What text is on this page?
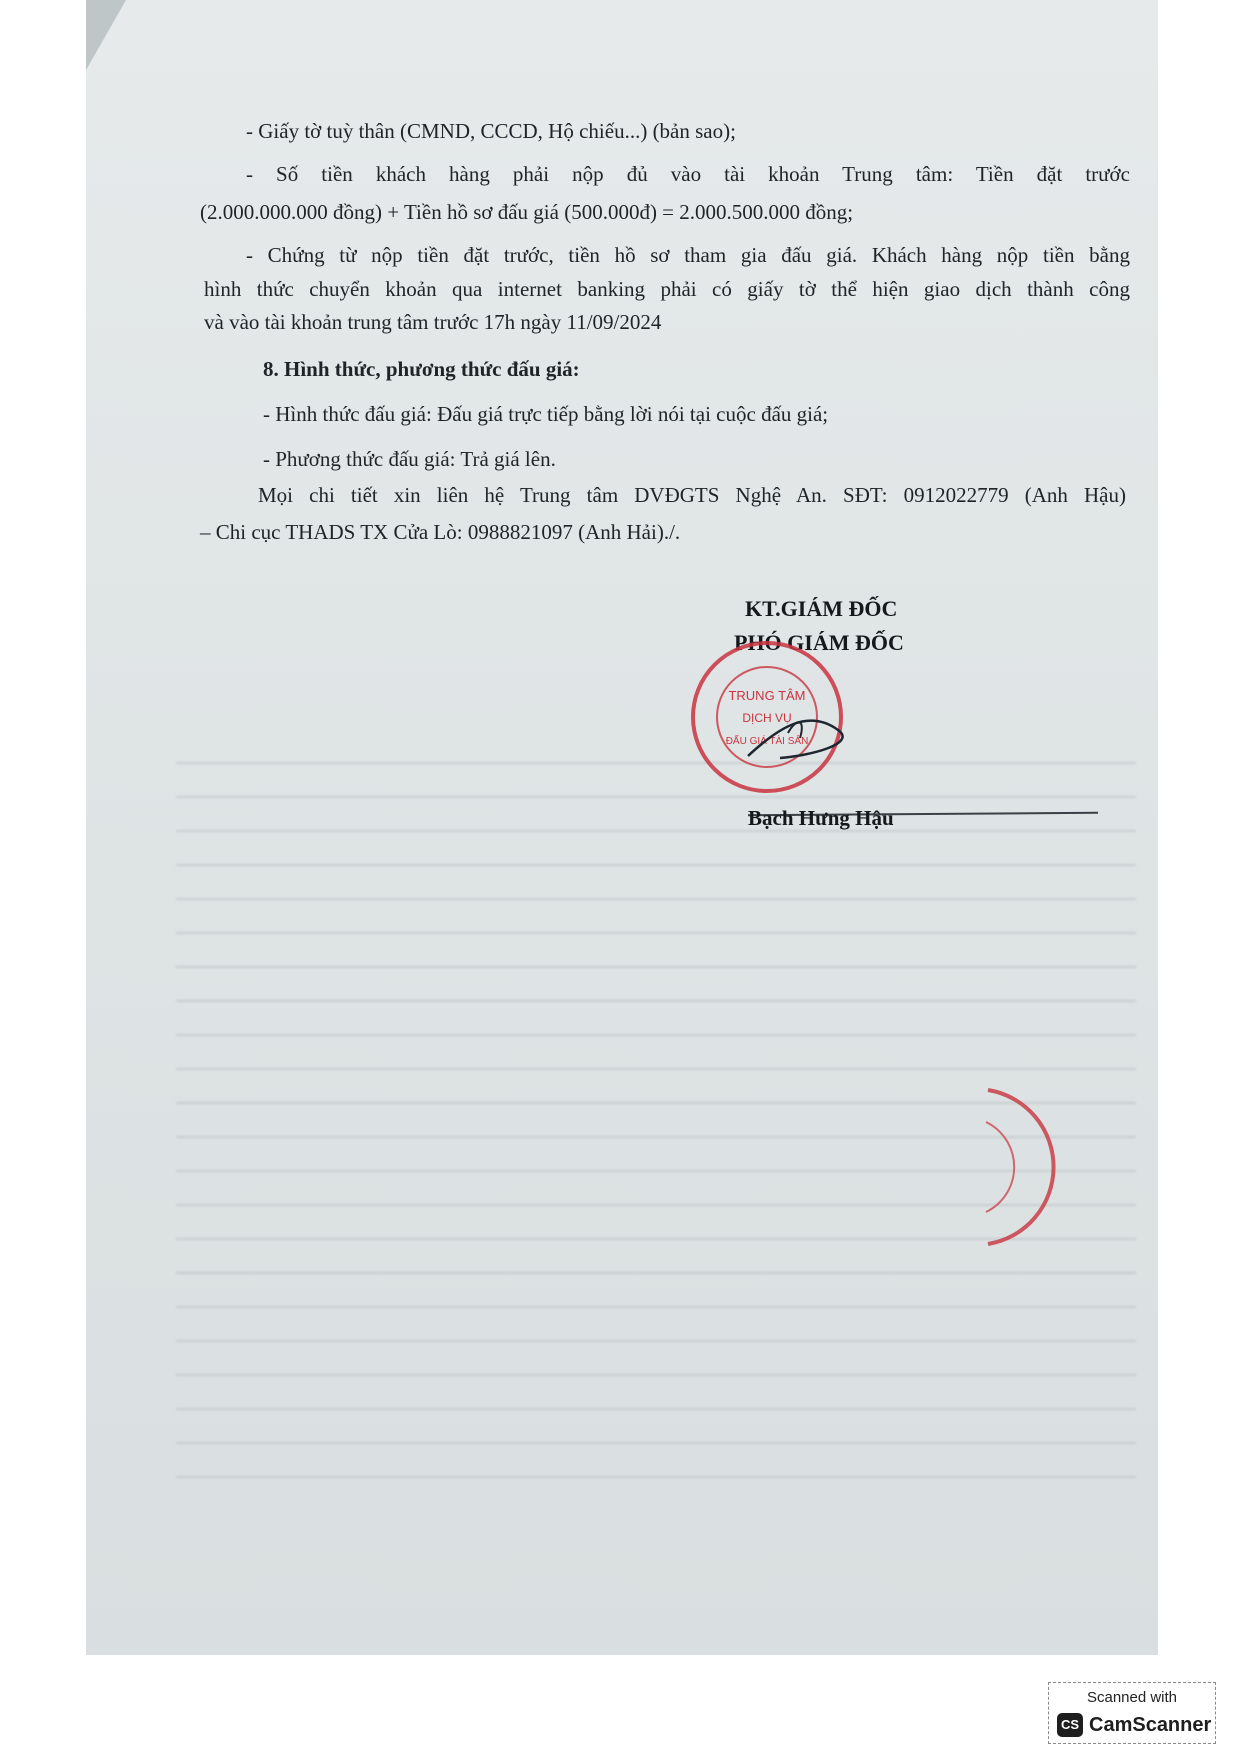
- Giấy tờ tuỳ thân (CMND, CCCD, Hộ chiếu...) (bản sao);
- Số tiền khách hàng phải nộp đủ vào tài khoản Trung tâm: Tiền đặt trước
(2.000.000.000 đồng) + Tiền hồ sơ đấu giá (500.000đ) = 2.000.500.000 đồng;
- Chứng từ nộp tiền đặt trước, tiền hồ sơ tham gia đấu giá. Khách hàng nộp tiền bằng
hình thức chuyển khoản qua internet banking phải có giấy tờ thể hiện giao dịch thành công
và vào tài khoản trung tâm trước 17h ngày 11/09/2024
8. Hình thức, phương thức đấu giá:
- Hình thức đấu giá: Đấu giá trực tiếp bằng lời nói tại cuộc đấu giá;
- Phương thức đấu giá: Trả giá lên.
Mọi chi tiết xin liên hệ Trung tâm DVĐGTS Nghệ An. SĐT: 0912022779 (Anh Hậu)
– Chi cục THADS TX Cửa Lò: 0988821097 (Anh Hải)./.
KT.GIÁM ĐỐC
PHÓ GIÁM ĐỐC
TRUNG TÂM
DỊCH VỤ
ĐẤU GIÁ TÀI SẢN
Bạch Hưng Hậu
Scanned with
CS CamScanner
